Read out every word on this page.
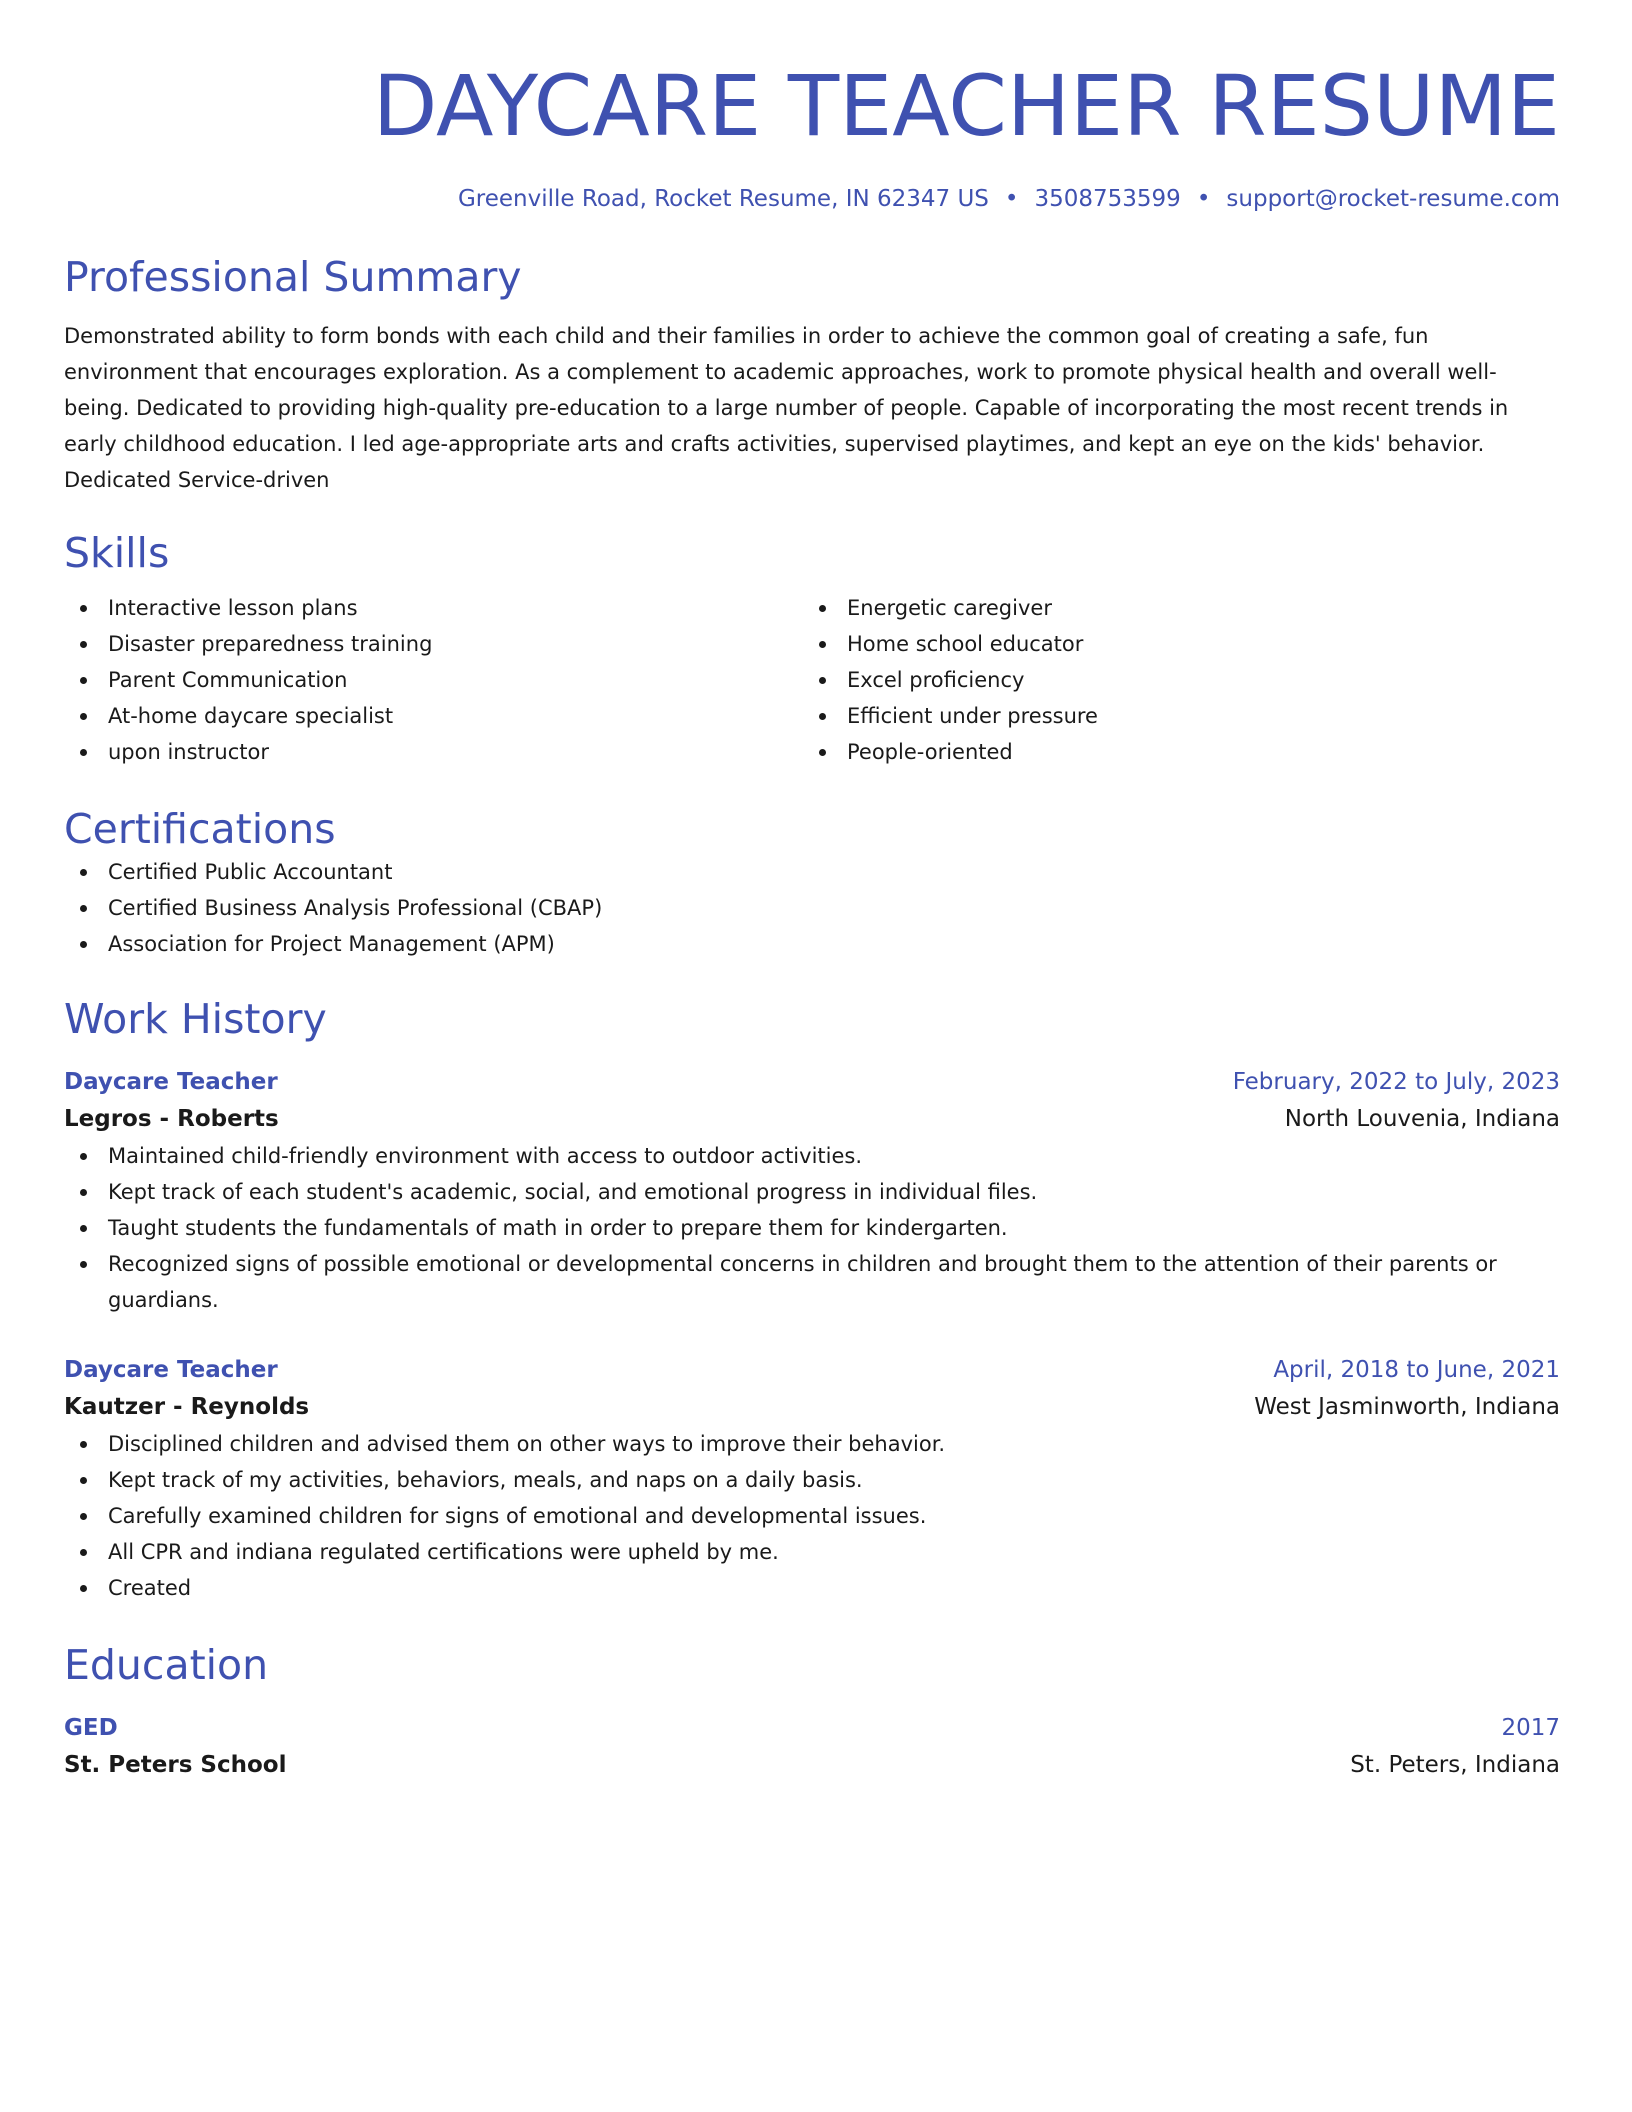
DAYCARE TEACHER RESUME
Greenville Road, Rocket Resume, IN 62347 US • 3508753599 • support@rocket-resume.com
Professional Summary
Demonstrated ability to form bonds with each child and their families in order to achieve the common goal of creating a safe, fun environment that encourages exploration. As a complement to academic approaches, work to promote physical health and overall well-being. Dedicated to providing high-quality pre-education to a large number of people. Capable of incorporating the most recent trends in early childhood education. I led age-appropriate arts and crafts activities, supervised playtimes, and kept an eye on the kids' behavior. Dedicated Service-driven
Skills
Interactive lesson plans
Disaster preparedness training
Parent Communication
At-home daycare specialist
upon instructor
Energetic caregiver
Home school educator
Excel proficiency
Efficient under pressure
People-oriented
Certifications
Certified Public Accountant
Certified Business Analysis Professional (CBAP)
Association for Project Management (APM)
Work History
Daycare Teacher	February, 2022 to July, 2023
Legros - Roberts	North Louvenia, Indiana
Maintained child-friendly environment with access to outdoor activities.
Kept track of each student's academic, social, and emotional progress in individual files.
Taught students the fundamentals of math in order to prepare them for kindergarten.
Recognized signs of possible emotional or developmental concerns in children and brought them to the attention of their parents or guardians.
Daycare Teacher	April, 2018 to June, 2021
Kautzer - Reynolds	West Jasminworth, Indiana
Disciplined children and advised them on other ways to improve their behavior.
Kept track of my activities, behaviors, meals, and naps on a daily basis.
Carefully examined children for signs of emotional and developmental issues.
All CPR and indiana regulated certifications were upheld by me.
Created
Education
GED	2017
St. Peters School	St. Peters, Indiana
